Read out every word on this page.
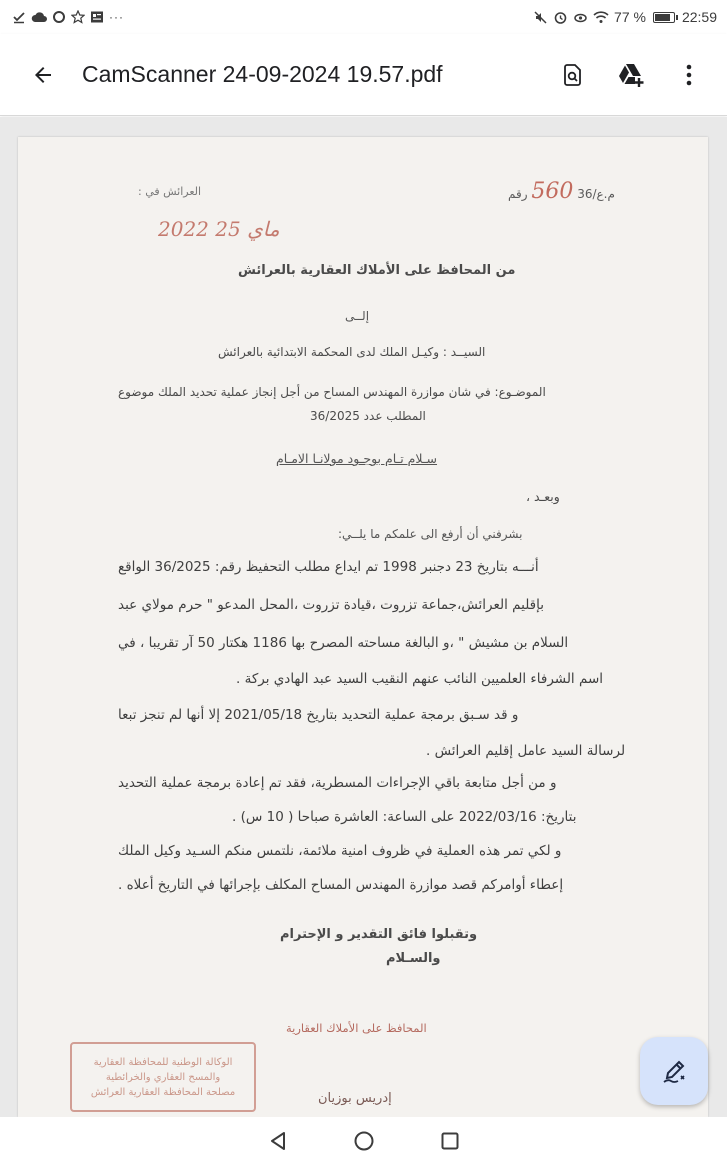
···	77 %	22:59
CamScanner 24-09-2024 19.57.pdf
م.ع/36 560 رقم
العرائش في :
2022 ماي 25
من المحافظ على الأملاك العقارية بالعرائش
إلــى
السيــد : وكيـل الملك لدى المحكمة الابتدائية بالعرائش
الموضـوع: في شان موازرة المهندس المساح من أجل إنجاز عملية تحديد الملك موضوع
المطلب عدد 36/2025
سـلام تـام بوجـود مولانـا الامـام
وبعـد ،
بشرفني أن أرفع الى علمكم ما يلــي:
أنـــه بتاريخ 23 دجنبر 1998 تم ايداع مطلب التحفيظ رقم: 36/2025 الواقع
بإقليم العرائش،جماعة تزروت ،قيادة تزروت ،المحل المدعو " حرم مولاي عبد
السلام بن مشيش " ،و البالغة مساحته المصرح بها 1186 هكتار 50 آر تقريبا ، في
اسم الشرفاء العلميين النائب عنهم النقيب السيد عبد الهادي بركة .
و قد سـبق برمجة عملية التحديد بتاريخ 2021/05/18 إلا أنها لم تنجز تبعا
لرسالة السيد عامل إقليم العرائش .
و من أجل متابعة باقي الإجراءات المسطرية، فقد تم إعادة برمجة عملية التحديد
بتاريخ: 2022/03/16 على الساعة: العاشرة صباحا ( 10 س) .
و لكي تمر هذه العملية في ظروف امنية ملائمة، نلتمس منكم السـيد وكيل الملك
إعطاء أوامركم قصد موازرة المهندس المساح المكلف بإجرائها في التاريخ أعلاه .
وتقبلوا فائق التقدير و الإحترام
والسـلام
المحافظ على الأملاك العقارية
الوكالة الوطنية للمحافظة العقارية
والمسح العقاري والخرائطية
مصلحة المحافظة العقارية العرائش	إدريس بوزيان
